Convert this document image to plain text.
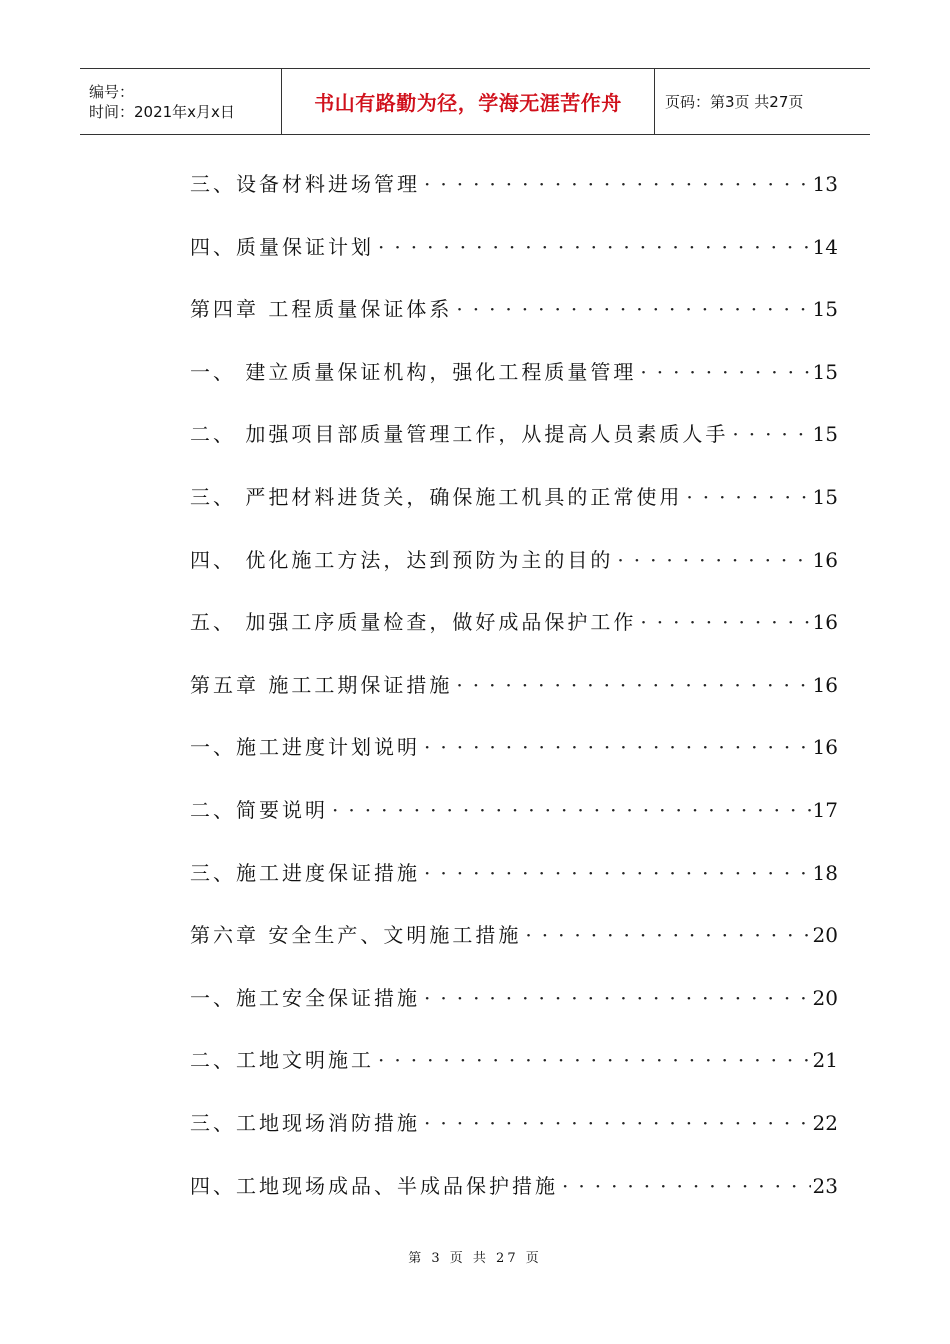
编号：
时间：2021年x月x日	书山有路勤为径，学海无涯苦作舟	页码：第3页 共27页
三、设备材料进场管理 ·····	13
四、质量保证计划 ·····	14
第四章 工程质量保证体系 ·····	15
一、 建立质量保证机构，强化工程质量管理 ·····	15
二、 加强项目部质量管理工作，从提高人员素质人手 ·····	15
三、 严把材料进货关，确保施工机具的正常使用 ·····	15
四、 优化施工方法，达到预防为主的目的 ·····	16
五、 加强工序质量检查，做好成品保护工作 ·····	16
第五章 施工工期保证措施 ·····	16
一、施工进度计划说明 ·····	16
二、简要说明 ·····	17
三、施工进度保证措施 ·····	18
第六章 安全生产、文明施工措施 ·····	20
一、施工安全保证措施 ·····	20
二、工地文明施工 ·····	21
三、工地现场消防措施 ·····	22
四、工地现场成品、半成品保护措施 ·····	23
第 3 页 共 27 页
